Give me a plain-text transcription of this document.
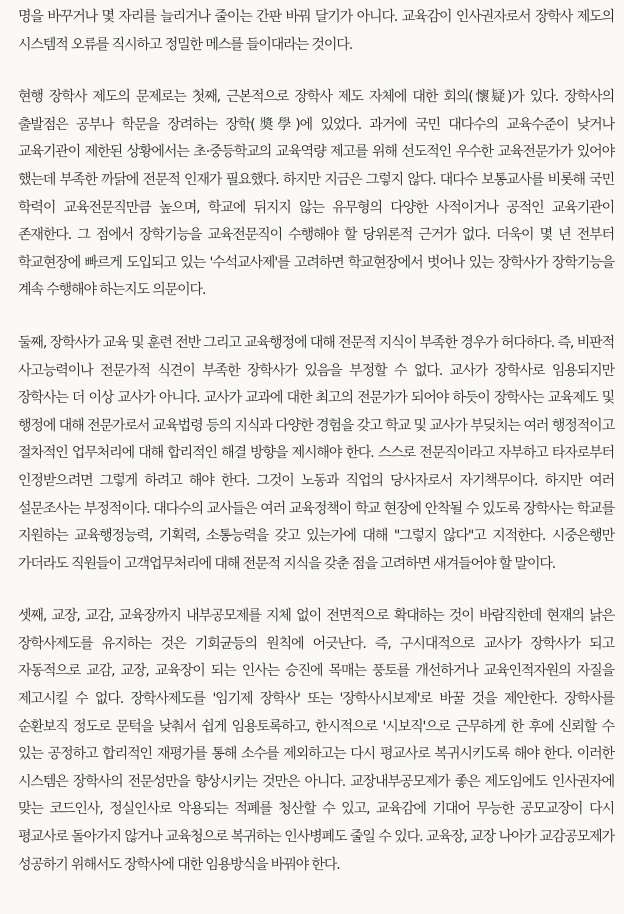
명을 바꾸거나 몇 자리를 늘리거나 줄이는 간판 바꿔 달기가 아니다. 교육감이 인사권자로서 장학사 제도의 시스템적 오류를 직시하고 정밀한 메스를 들이대라는 것이다.

현행 장학사 제도의 문제로는 첫째, 근본적으로 장학사 제도 자체에 대한 회의(懷疑)가 있다. 장학사의 출발점은 공부나 학문을 장려하는 장학(奬學)에 있었다. 과거에 국민 대다수의 교육수준이 낮거나 교육기관이 제한된 상황에서는 초·중등학교의 교육역량 제고를 위해 선도적인 우수한 교육전문가가 있어야 했는데 부족한 까닭에 전문적 인재가 필요했다. 하지만 지금은 그렇지 않다. 대다수 보통교사를 비롯해 국민 학력이 교육전문직만큼 높으며, 학교에 뒤지지 않는 유무형의 다양한 사적이거나 공적인 교육기관이 존재한다. 그 점에서 장학기능을 교육전문직이 수행해야 할 당위론적 근거가 없다. 더욱이 몇 년 전부터 학교현장에 빠르게 도입되고 있는 '수석교사제'를 고려하면 학교현장에서 벗어나 있는 장학사가 장학기능을 계속 수행해야 하는지도 의문이다.

둘째, 장학사가 교육 및 훈련 전반 그리고 교육행정에 대해 전문적 지식이 부족한 경우가 허다하다. 즉, 비판적 사고능력이나 전문가적 식견이 부족한 장학사가 있음을 부정할 수 없다. 교사가 장학사로 임용되지만 장학사는 더 이상 교사가 아니다. 교사가 교과에 대한 최고의 전문가가 되어야 하듯이 장학사는 교육제도 및 행정에 대해 전문가로서 교육법령 등의 지식과 다양한 경험을 갖고 학교 및 교사가 부딪치는 여러 행정적이고 절차적인 업무처리에 대해 합리적인 해결 방향을 제시해야 한다. 스스로 전문직이라고 자부하고 타자로부터 인정받으려면 그렇게 하려고 해야 한다. 그것이 노동과 직업의 당사자로서 자기책무이다. 하지만 여러 설문조사는 부정적이다. 대다수의 교사들은 여러 교육정책이 학교 현장에 안착될 수 있도록 장학사는 학교를 지원하는 교육행정능력, 기획력, 소통능력을 갖고 있는가에 대해 "그렇지 않다"고 지적한다. 시중은행만 가더라도 직원들이 고객업무처리에 대해 전문적 지식을 갖춘 점을 고려하면 새겨들어야 할 말이다.

셋째, 교장, 교감, 교육장까지 내부공모제를 지체 없이 전면적으로 확대하는 것이 바람직한데 현재의 낡은 장학사제도를 유지하는 것은 기회균등의 원칙에 어긋난다. 즉, 구시대적으로 교사가 장학사가 되고 자동적으로 교감, 교장, 교육장이 되는 인사는 승진에 목매는 풍토를 개선하거나 교육인적자원의 자질을 제고시킬 수 없다. 장학사제도를 '임기제 장학사' 또는 '장학사시보제'로 바꿀 것을 제안한다. 장학사를 순환보직 정도로 문턱을 낮춰서 쉽게 임용토록하고, 한시적으로 '시보직'으로 근무하게 한 후에 신뢰할 수 있는 공정하고 합리적인 재평가를 통해 소수를 제외하고는 다시 평교사로 복귀시키도록 해야 한다. 이러한 시스템은 장학사의 전문성만을 향상시키는 것만은 아니다. 교장내부공모제가 좋은 제도임에도 인사권자에 맞는 코드인사, 정실인사로 악용되는 적폐를 청산할 수 있고, 교육감에 기대어 무능한 공모교장이 다시 평교사로 돌아가지 않거나 교육청으로 복귀하는 인사병폐도 줄일 수 있다. 교육장, 교장 나아가 교감공모제가 성공하기 위해서도 장학사에 대한 임용방식을 바꿔야 한다.
